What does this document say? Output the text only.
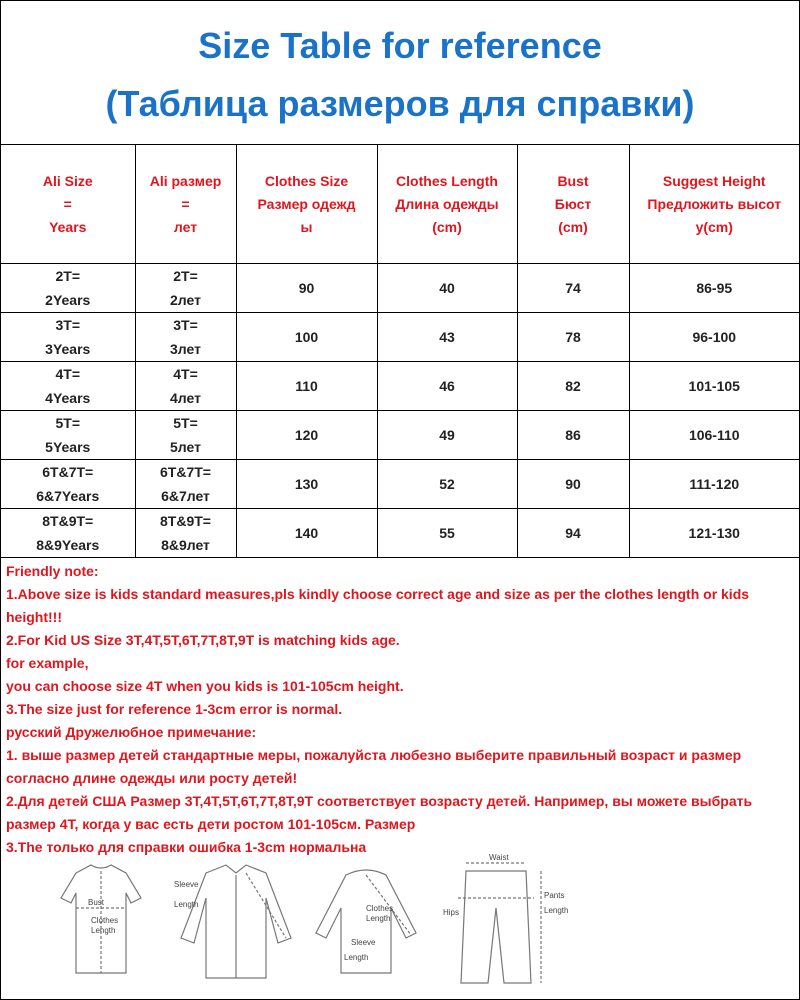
Size Table for reference
(Таблица размеров для справки)
Ali Size
=
Years	Ali размер
=
лет	Clothes Size
Размер одежд
ы	Clothes Length
Длина одежды
(cm)	Bust
Бюст
(cm)	Suggest Height
Предложить высот
у(cm)

2T=
2Years	2T=
2лет	90	40	74	86-95

3T=
3Years	3T=
3лет	100	43	78	96-100

4T=
4Years	4T=
4лет	110	46	82	101-105

5T=
5Years	5T=
5лет	120	49	86	106-110

6T&7T=
6&7Years	6T&7T=
6&7лет	130	52	90	111-120

8T&9T=
8&9Years	8T&9T=
8&9лет	140	55	94	121-130
Friendly note:
1.Above size is kids standard measures,pls kindly choose correct age and size as per the clothes length or kids height!!!
2.For Kid US Size 3T,4T,5T,6T,7T,8T,9T is matching kids age.
for example,
you can choose size 4T when you kids is 101-105cm height.
3.The size just for reference 1-3cm error is normal.
русский Дружелюбное примечание:
1. выше размер детей стандартные меры, пожалуйста любезно выберите правильный возраст и размер согласно длине одежды или росту детей!
2.Для детей США Размер 3T,4T,5T,6T,7T,8T,9T соответствует возрасту детей. Например, вы можете выбрать размер 4T, когда у вас есть дети ростом 101-105см. Размер
3.The только для справки ошибка 1-3cm нормальна
Bust
Clothes
Length
Sleeve
Length	Clothes
Length
Sleeve
Length
Waist
Hips
Pants
Length
